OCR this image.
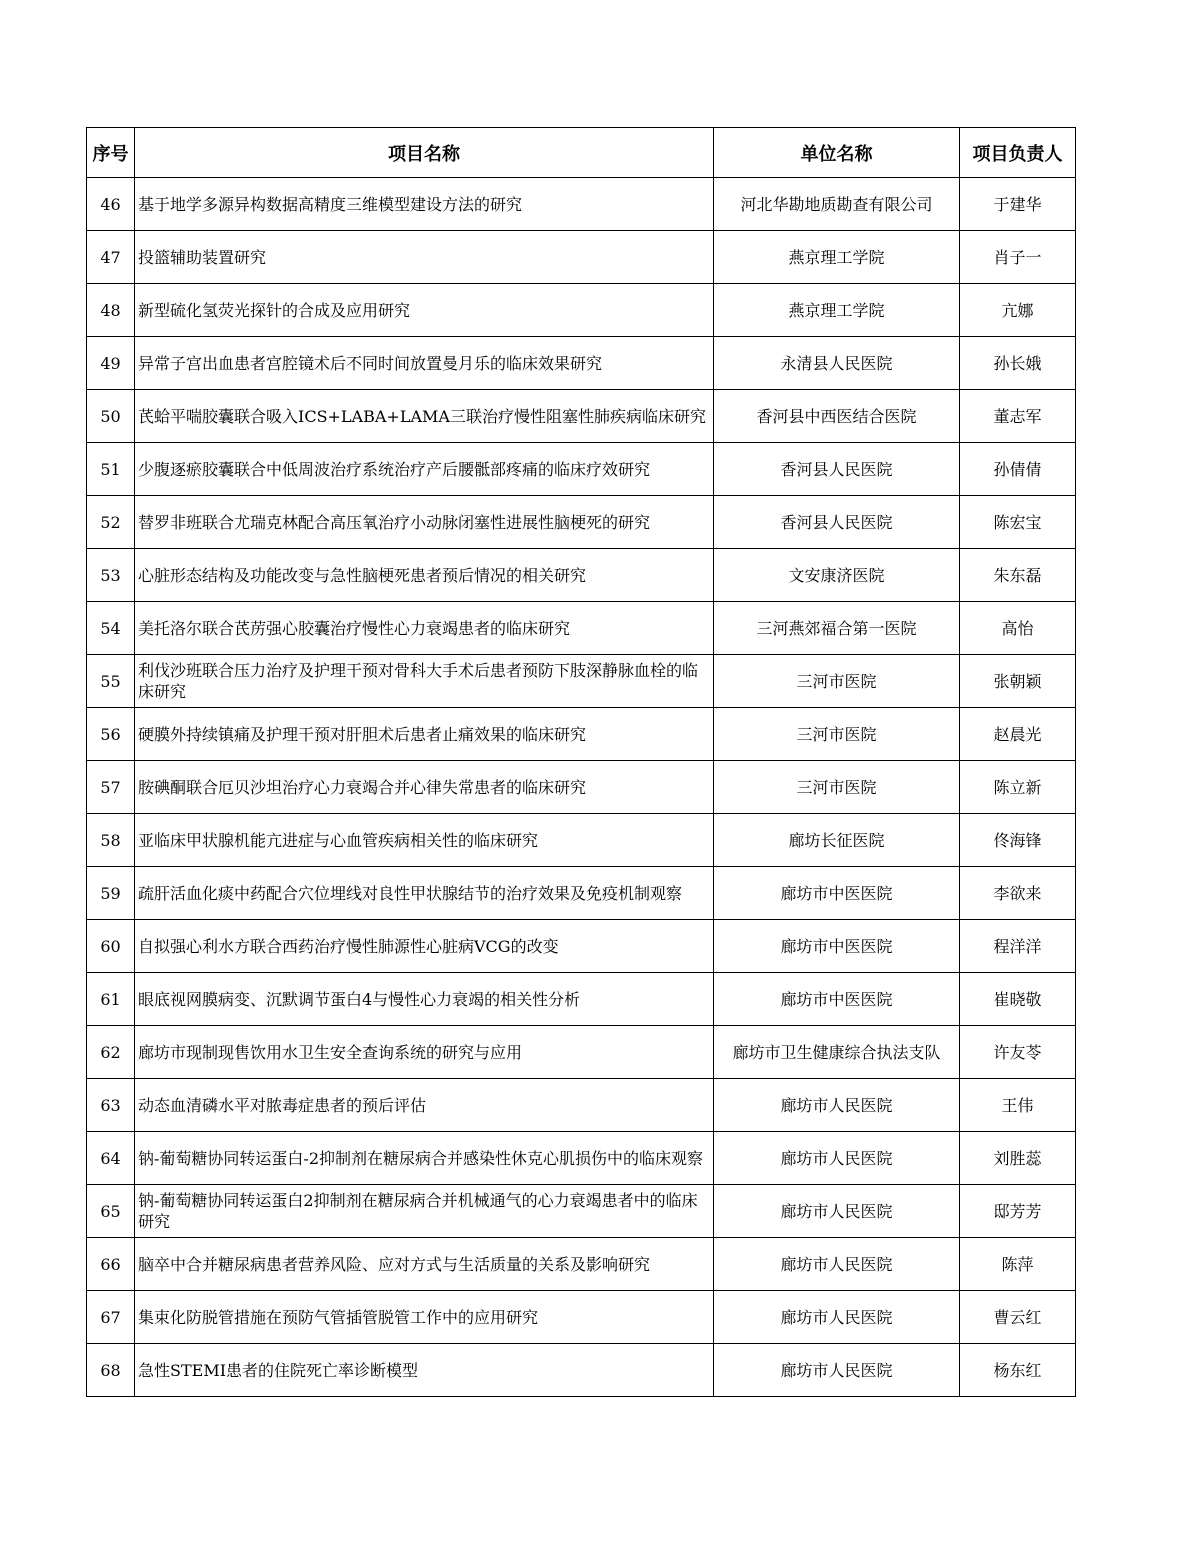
序号	项目名称	单位名称	项目负责人
46	基于地学多源异构数据高精度三维模型建设方法的研究	河北华勘地质勘查有限公司	于建华
47	投篮辅助装置研究	燕京理工学院	肖子一
48	新型硫化氢荧光探针的合成及应用研究	燕京理工学院	亢娜
49	异常子宫出血患者宫腔镜术后不同时间放置曼月乐的临床效果研究	永清县人民医院	孙长娥
50	芪蛤平喘胶囊联合吸入ICS+LABA+LAMA三联治疗慢性阻塞性肺疾病临床研究	香河县中西医结合医院	董志军
51	少腹逐瘀胶囊联合中低周波治疗系统治疗产后腰骶部疼痛的临床疗效研究	香河县人民医院	孙倩倩
52	替罗非班联合尤瑞克林配合高压氧治疗小动脉闭塞性进展性脑梗死的研究	香河县人民医院	陈宏宝
53	心脏形态结构及功能改变与急性脑梗死患者预后情况的相关研究	文安康济医院	朱东磊
54	美托洛尔联合芪苈强心胶囊治疗慢性心力衰竭患者的临床研究	三河燕郊福合第一医院	高怡
55	利伐沙班联合压力治疗及护理干预对骨科大手术后患者预防下肢深静脉血栓的临床研究	三河市医院	张朝颖
56	硬膜外持续镇痛及护理干预对肝胆术后患者止痛效果的临床研究	三河市医院	赵晨光
57	胺碘酮联合厄贝沙坦治疗心力衰竭合并心律失常患者的临床研究	三河市医院	陈立新
58	亚临床甲状腺机能亢进症与心血管疾病相关性的临床研究	廊坊长征医院	佟海锋
59	疏肝活血化痰中药配合穴位埋线对良性甲状腺结节的治疗效果及免疫机制观察	廊坊市中医医院	李欲来
60	自拟强心利水方联合西药治疗慢性肺源性心脏病VCG的改变	廊坊市中医医院	程洋洋
61	眼底视网膜病变、沉默调节蛋白4与慢性心力衰竭的相关性分析	廊坊市中医医院	崔晓敬
62	廊坊市现制现售饮用水卫生安全查询系统的研究与应用	廊坊市卫生健康综合执法支队	许友苓
63	动态血清磷水平对脓毒症患者的预后评估	廊坊市人民医院	王伟
64	钠-葡萄糖协同转运蛋白-2抑制剂在糖尿病合并感染性休克心肌损伤中的临床观察	廊坊市人民医院	刘胜蕊
65	钠-葡萄糖协同转运蛋白2抑制剂在糖尿病合并机械通气的心力衰竭患者中的临床研究	廊坊市人民医院	邸芳芳
66	脑卒中合并糖尿病患者营养风险、应对方式与生活质量的关系及影响研究	廊坊市人民医院	陈萍
67	集束化防脱管措施在预防气管插管脱管工作中的应用研究	廊坊市人民医院	曹云红
68	急性STEMI患者的住院死亡率诊断模型	廊坊市人民医院	杨东红
